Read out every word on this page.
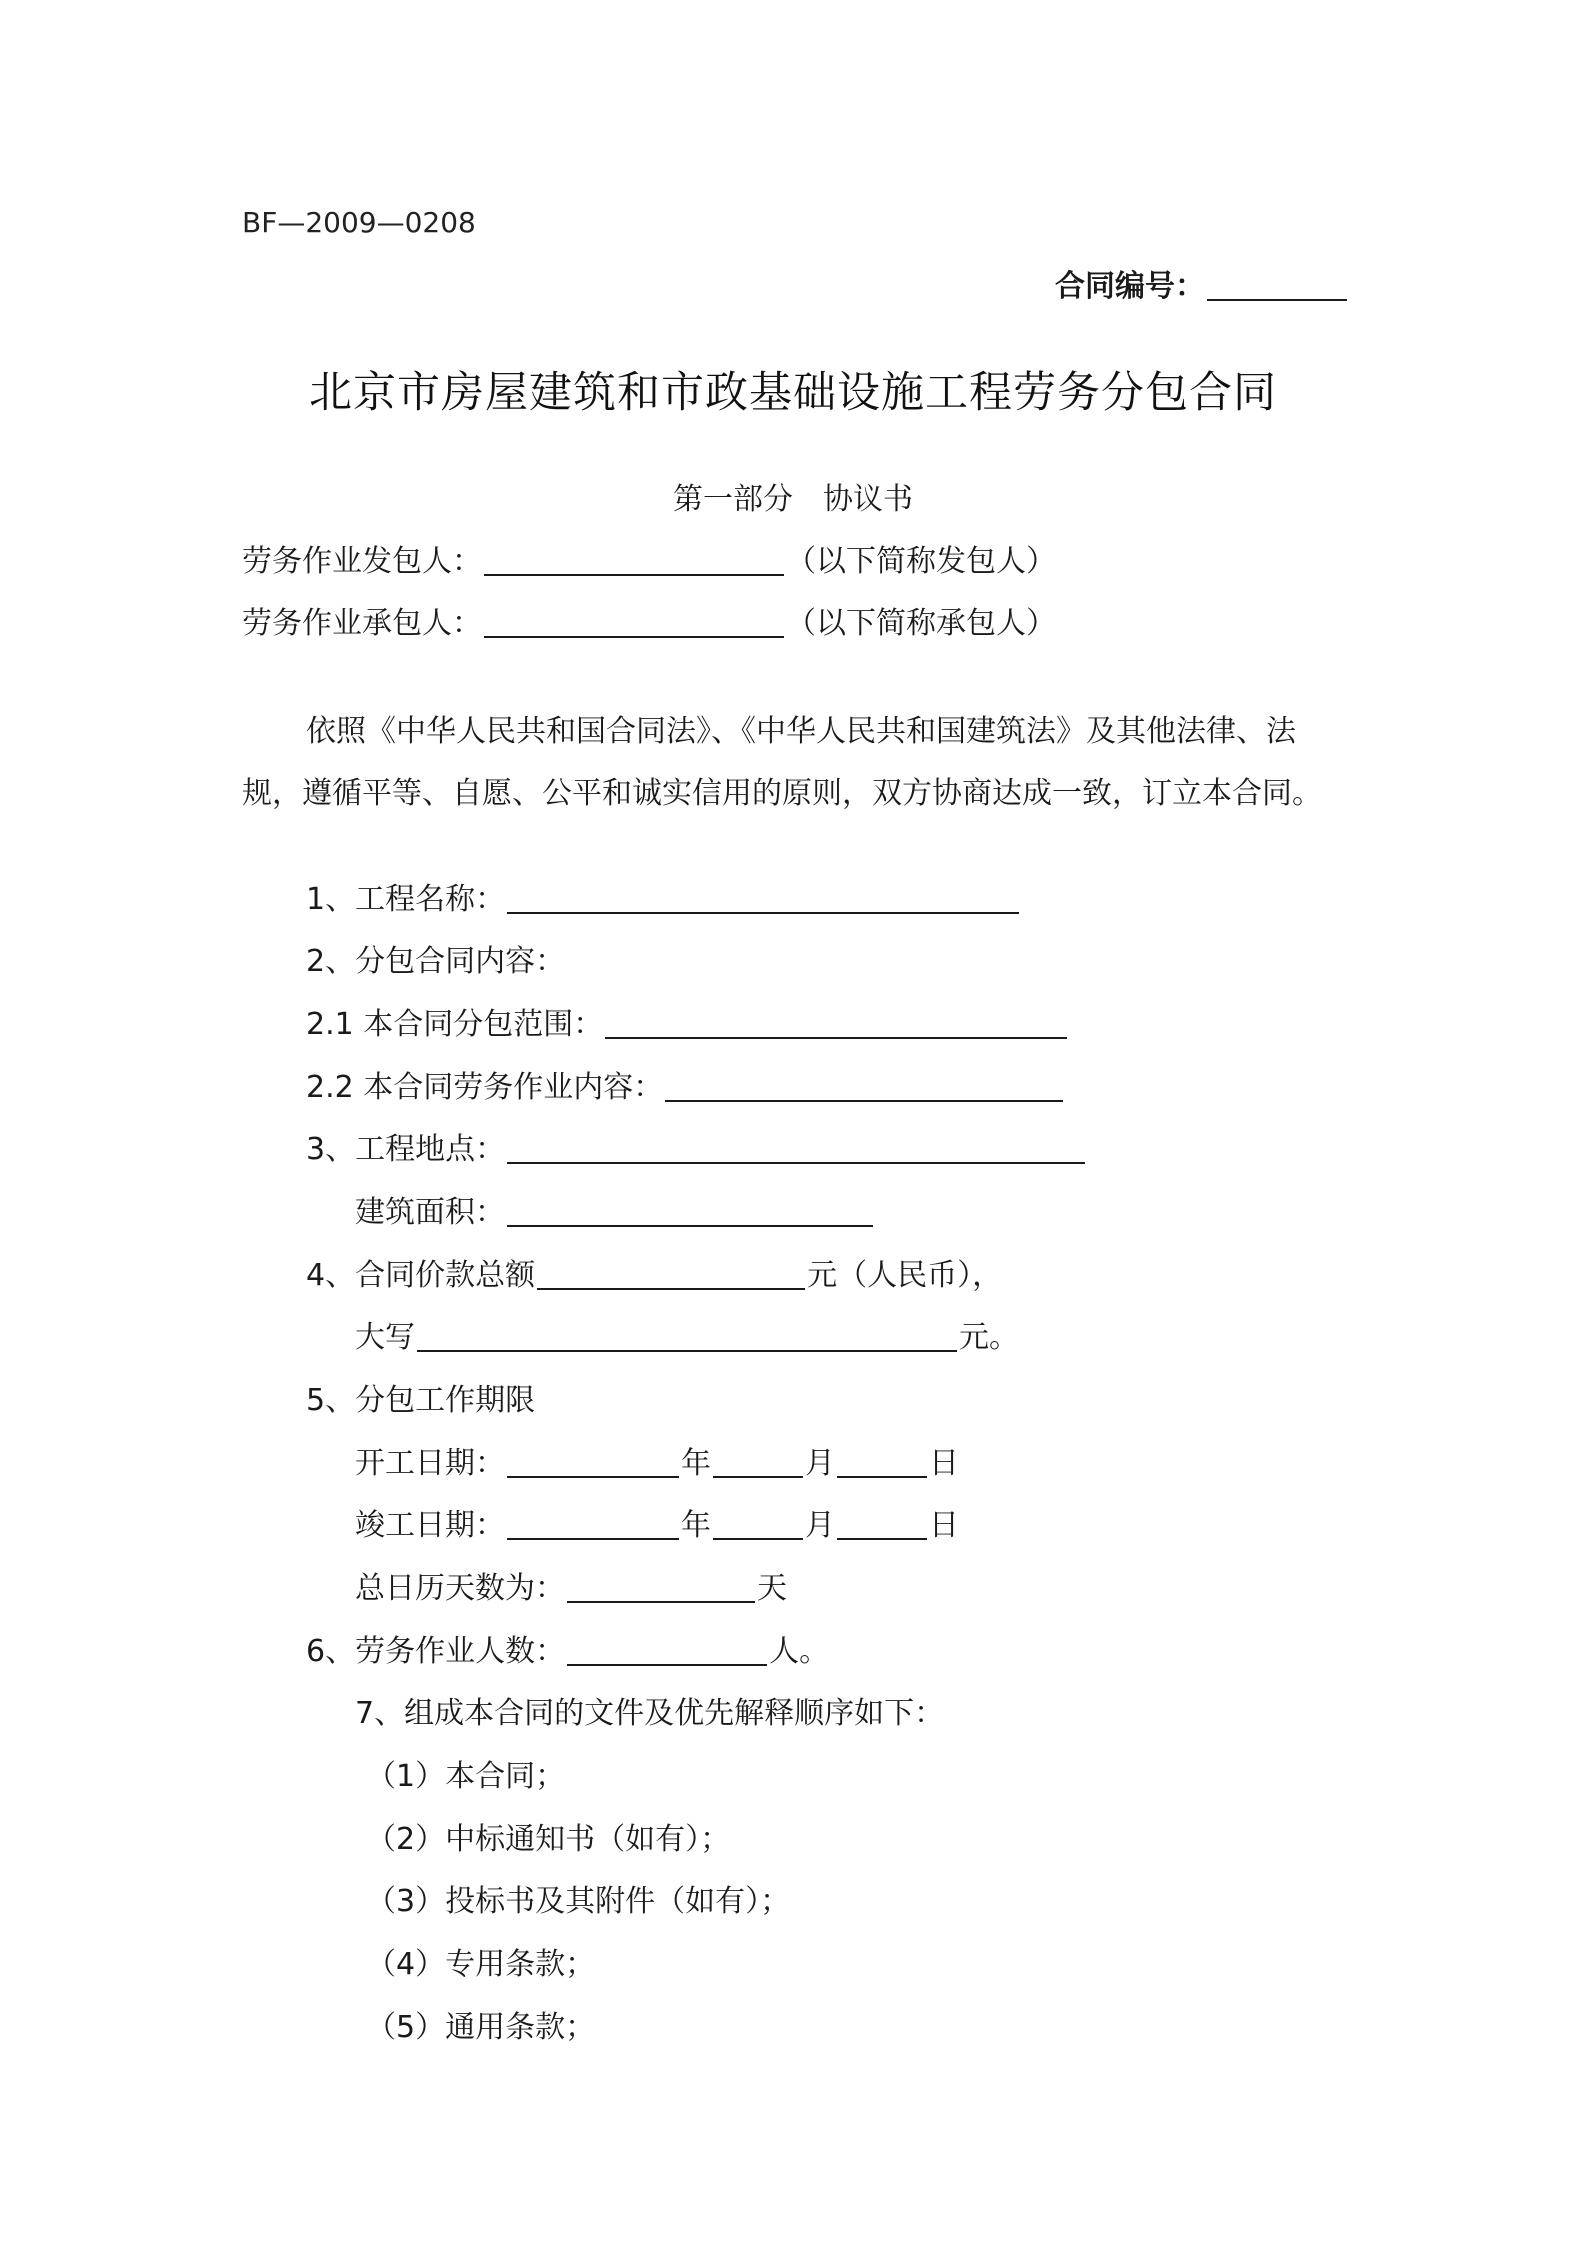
BF—2009—0208
合同编号：
北京市房屋建筑和市政基础设施工程劳务分包合同
第一部分 协议书
劳务作业发包人：	（以下简称发包人）
劳务作业承包人：	（以下简称承包人）
依照《中华人民共和国合同法》、《中华人民共和国建筑法》及其他法律、法
规，遵循平等、自愿、公平和诚实信用的原则，双方协商达成一致，订立本合同。
1、工程名称：
2、分包合同内容：
2.1 本合同分包范围：
2.2 本合同劳务作业内容：
3、工程地点：
建筑面积：
4、合同价款总额	元（人民币），
大写	元。
5、分包工作期限
开工日期：	年	月	日
竣工日期：	年	月	日
总日历天数为：	天
6、劳务作业人数：	人。
7、组成本合同的文件及优先解释顺序如下：
（1）本合同；
（2）中标通知书（如有）；
（3）投标书及其附件（如有）；
（4）专用条款；
（5）通用条款；
